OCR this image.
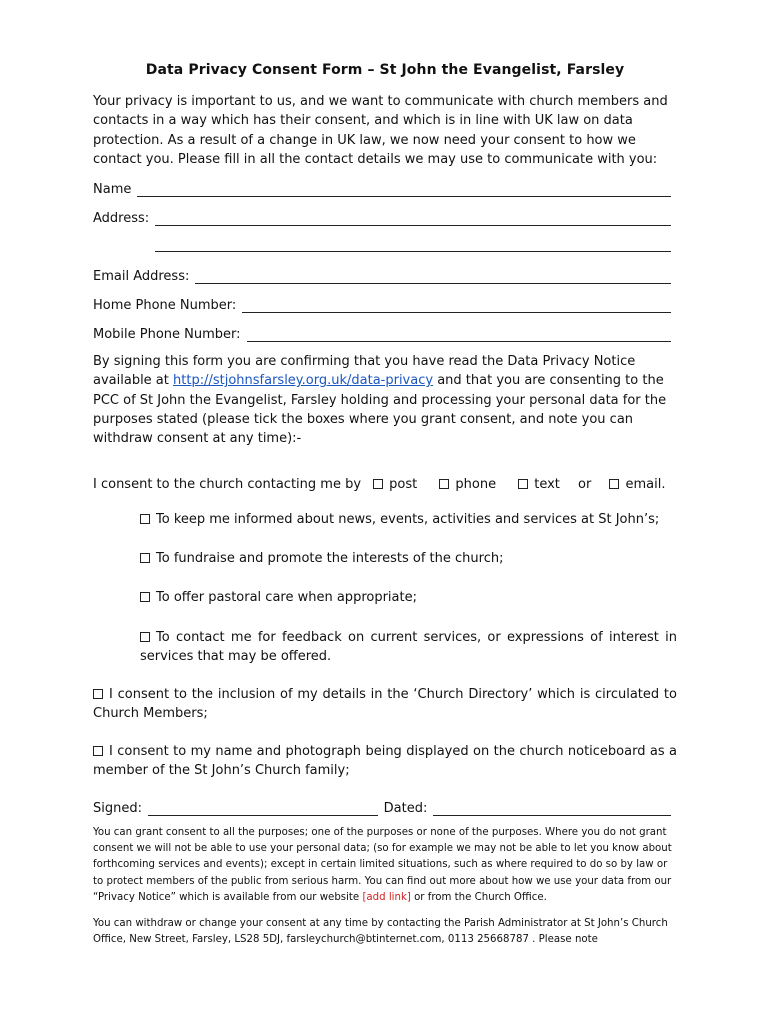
Data Privacy Consent Form – St John the Evangelist, Farsley
Your privacy is important to us, and we want to communicate with church members and contacts in a way which has their consent, and which is in line with UK law on data protection. As a result of a change in UK law, we now need your consent to how we contact you. Please fill in all the contact details we may use to communicate with you:
Name
Address:
Email Address:
Home Phone Number:
Mobile Phone Number:
By signing this form you are confirming that you have read the Data Privacy Notice available at http://stjohnsfarsley.org.uk/data-privacy and that you are consenting to the PCC of St John the Evangelist, Farsley holding and processing your personal data for the purposes stated (please tick the boxes where you grant consent, and note you can withdraw consent at any time):-
I consent to the church contacting me by post	phone	text or	email.
To keep me informed about news, events, activities and services at St John’s;
To fundraise and promote the interests of the church;
To offer pastoral care when appropriate;
To contact me for feedback on current services, or expressions of interest in services that may be offered.
I consent to the inclusion of my details in the ‘Church Directory’ which is circulated to Church Members;
I consent to my name and photograph being displayed on the church noticeboard as a member of the St John’s Church family;
Signed:	Dated:
You can grant consent to all the purposes; one of the purposes or none of the purposes. Where you do not grant consent we will not be able to use your personal data; (so for example we may not be able to let you know about forthcoming services and events); except in certain limited situations, such as where required to do so by law or to protect members of the public from serious harm. You can find out more about how we use your data from our “Privacy Notice” which is available from our website [add link] or from the Church Office.
You can withdraw or change your consent at any time by contacting the Parish Administrator at St John’s Church Office, New Street, Farsley, LS28 5DJ, farsleychurch@btinternet.com, 0113 25668787 . Please note
